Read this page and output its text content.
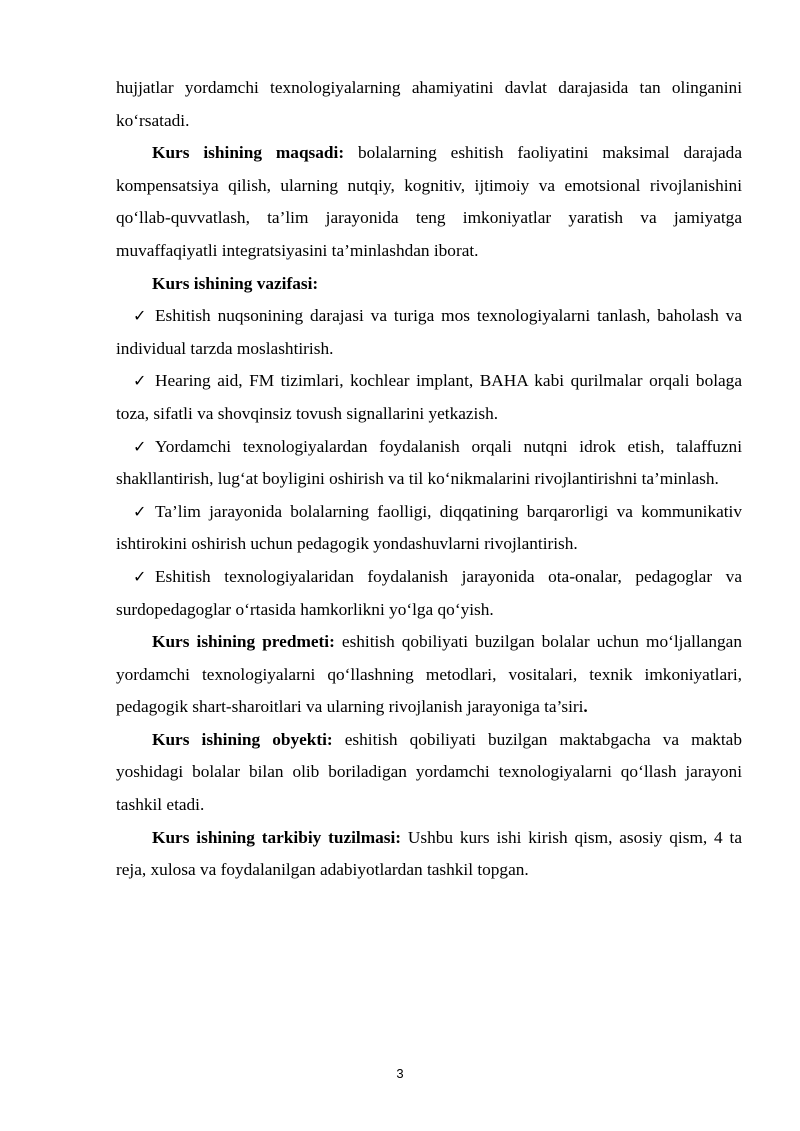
hujjatlar yordamchi texnologiyalarning ahamiyatini davlat darajasida tan olinganini ko‘rsatadi.

Kurs ishining maqsadi: bolalarning eshitish faoliyatini maksimal darajada kompensatsiya qilish, ularning nutqiy, kognitiv, ijtimoiy va emotsional rivojlanishini qo‘llab-quvvatlash, ta’lim jarayonida teng imkoniyatlar yaratish va jamiyatga muvaffaqiyatli integratsiyasini ta’minlashdan iborat.

Kurs ishining vazifasi:

✓ Eshitish nuqsonining darajasi va turiga mos texnologiyalarni tanlash, baholash va individual tarzda moslashtirish.

✓ Hearing aid, FM tizimlari, kochlear implant, BAHA kabi qurilmalar orqali bolaga toza, sifatli va shovqinsiz tovush signallarini yetkazish.

✓ Yordamchi texnologiyalardan foydalanish orqali nutqni idrok etish, talaffuzni shakllantirish, lug‘at boyligini oshirish va til ko‘nikmalarini rivojlantirishni ta’minlash.

✓ Ta’lim jarayonida bolalarning faolligi, diqqatining barqarorligi va kommunikativ ishtirokini oshirish uchun pedagogik yondashuvlarni rivojlantirish.

✓ Eshitish texnologiyalaridan foydalanish jarayonida ota-onalar, pedagoglar va surdopedagoglar o‘rtasida hamkorlikni yo‘lga qo‘yish.

Kurs ishining predmeti: eshitish qobiliyati buzilgan bolalar uchun mo‘ljallangan yordamchi texnologiyalarni qo‘llashning metodlari, vositalari, texnik imkoniyatlari, pedagogik shart-sharoitlari va ularning rivojlanish jarayoniga ta’siri.

Kurs ishining obyekti: eshitish qobiliyati buzilgan maktabgacha va maktab yoshidagi bolalar bilan olib boriladigan yordamchi texnologiyalarni qo‘llash jarayoni tashkil etadi.

Kurs ishining tarkibiy tuzilmasi: Ushbu kurs ishi kirish qism, asosiy qism, 4 ta reja, xulosa va foydalanilgan adabiyotlardan tashkil topgan.

3
